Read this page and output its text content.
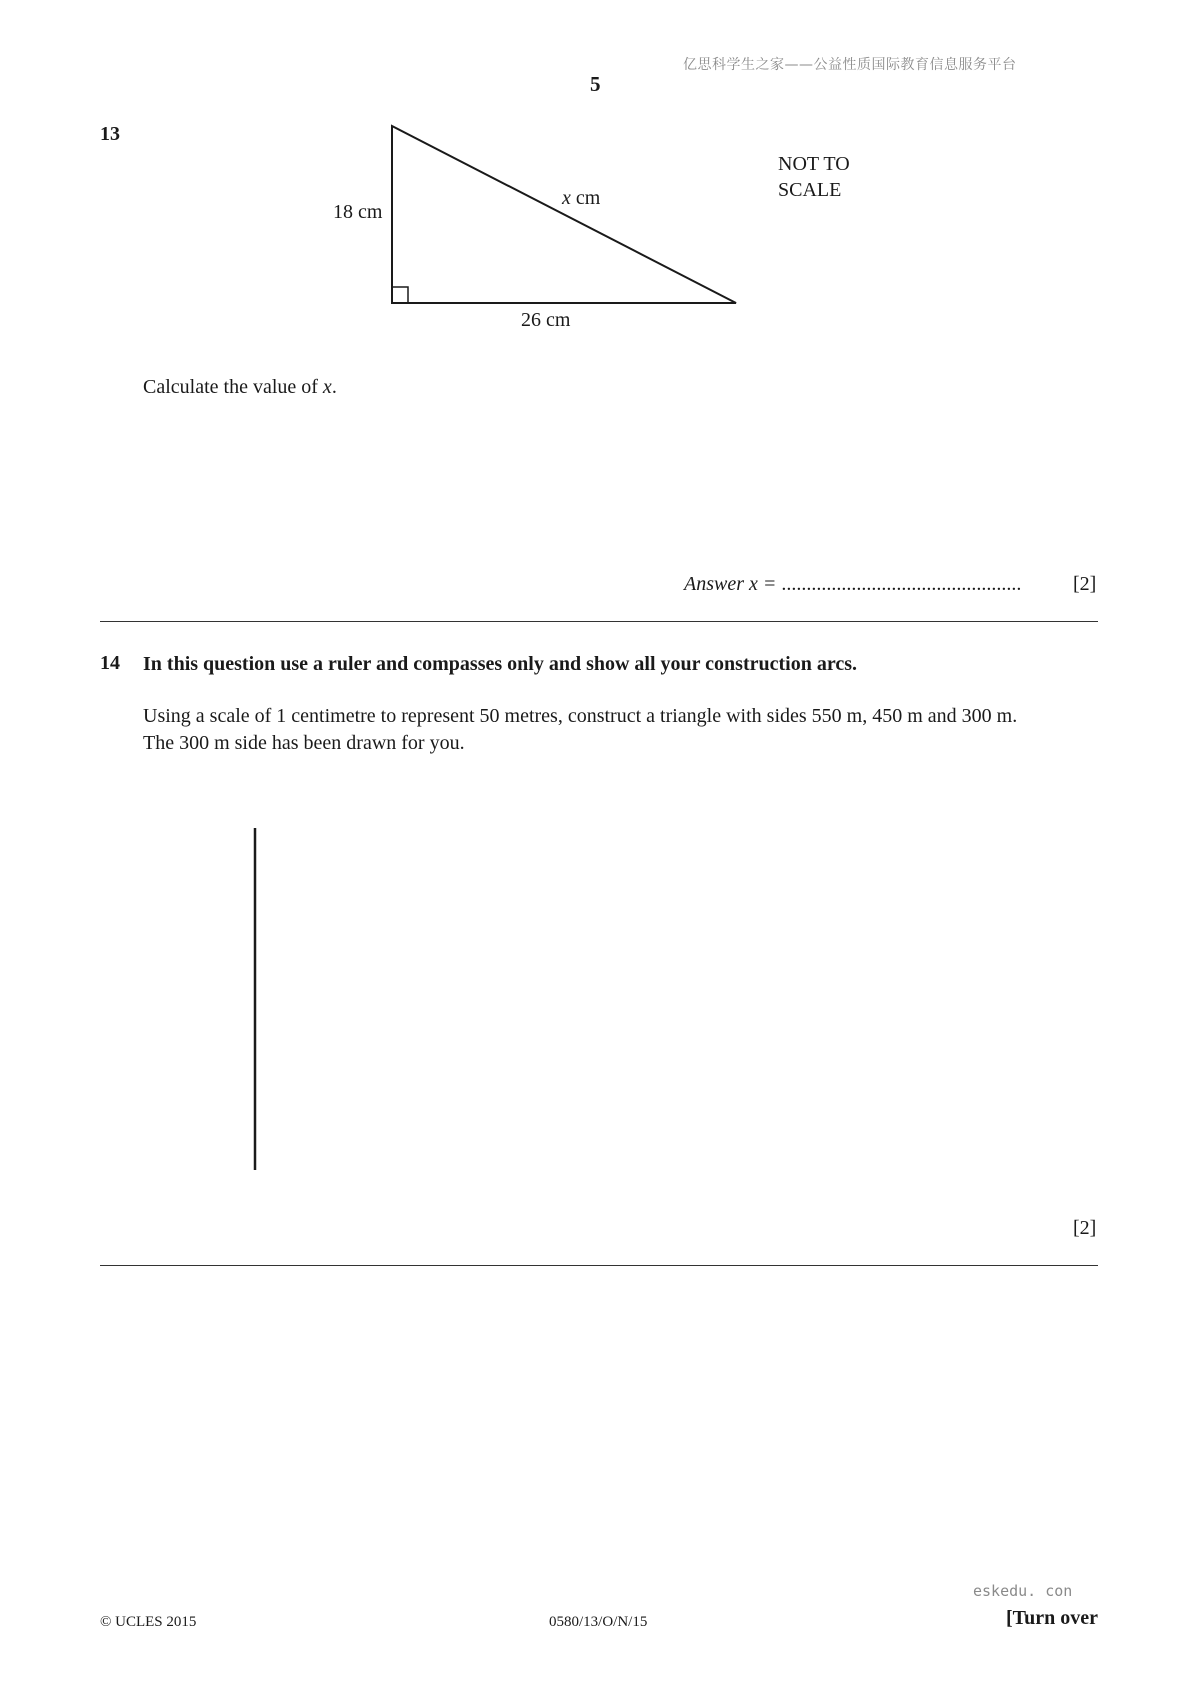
亿思科学生之家——公益性质国际教育信息服务平台
5
13
18 cm
26 cm
x cm
NOT TO
SCALE
Calculate the value of x.
Answer x = ................................................	[2]
14 In this question use a ruler and compasses only and show all your construction arcs.
Using a scale of 1 centimetre to represent 50 metres, construct a triangle with sides 550 m, 450 m and 300 m.
The 300 m side has been drawn for you.
[2]
eskedu. con
© UCLES 2015	0580/13/O/N/15	[Turn over
